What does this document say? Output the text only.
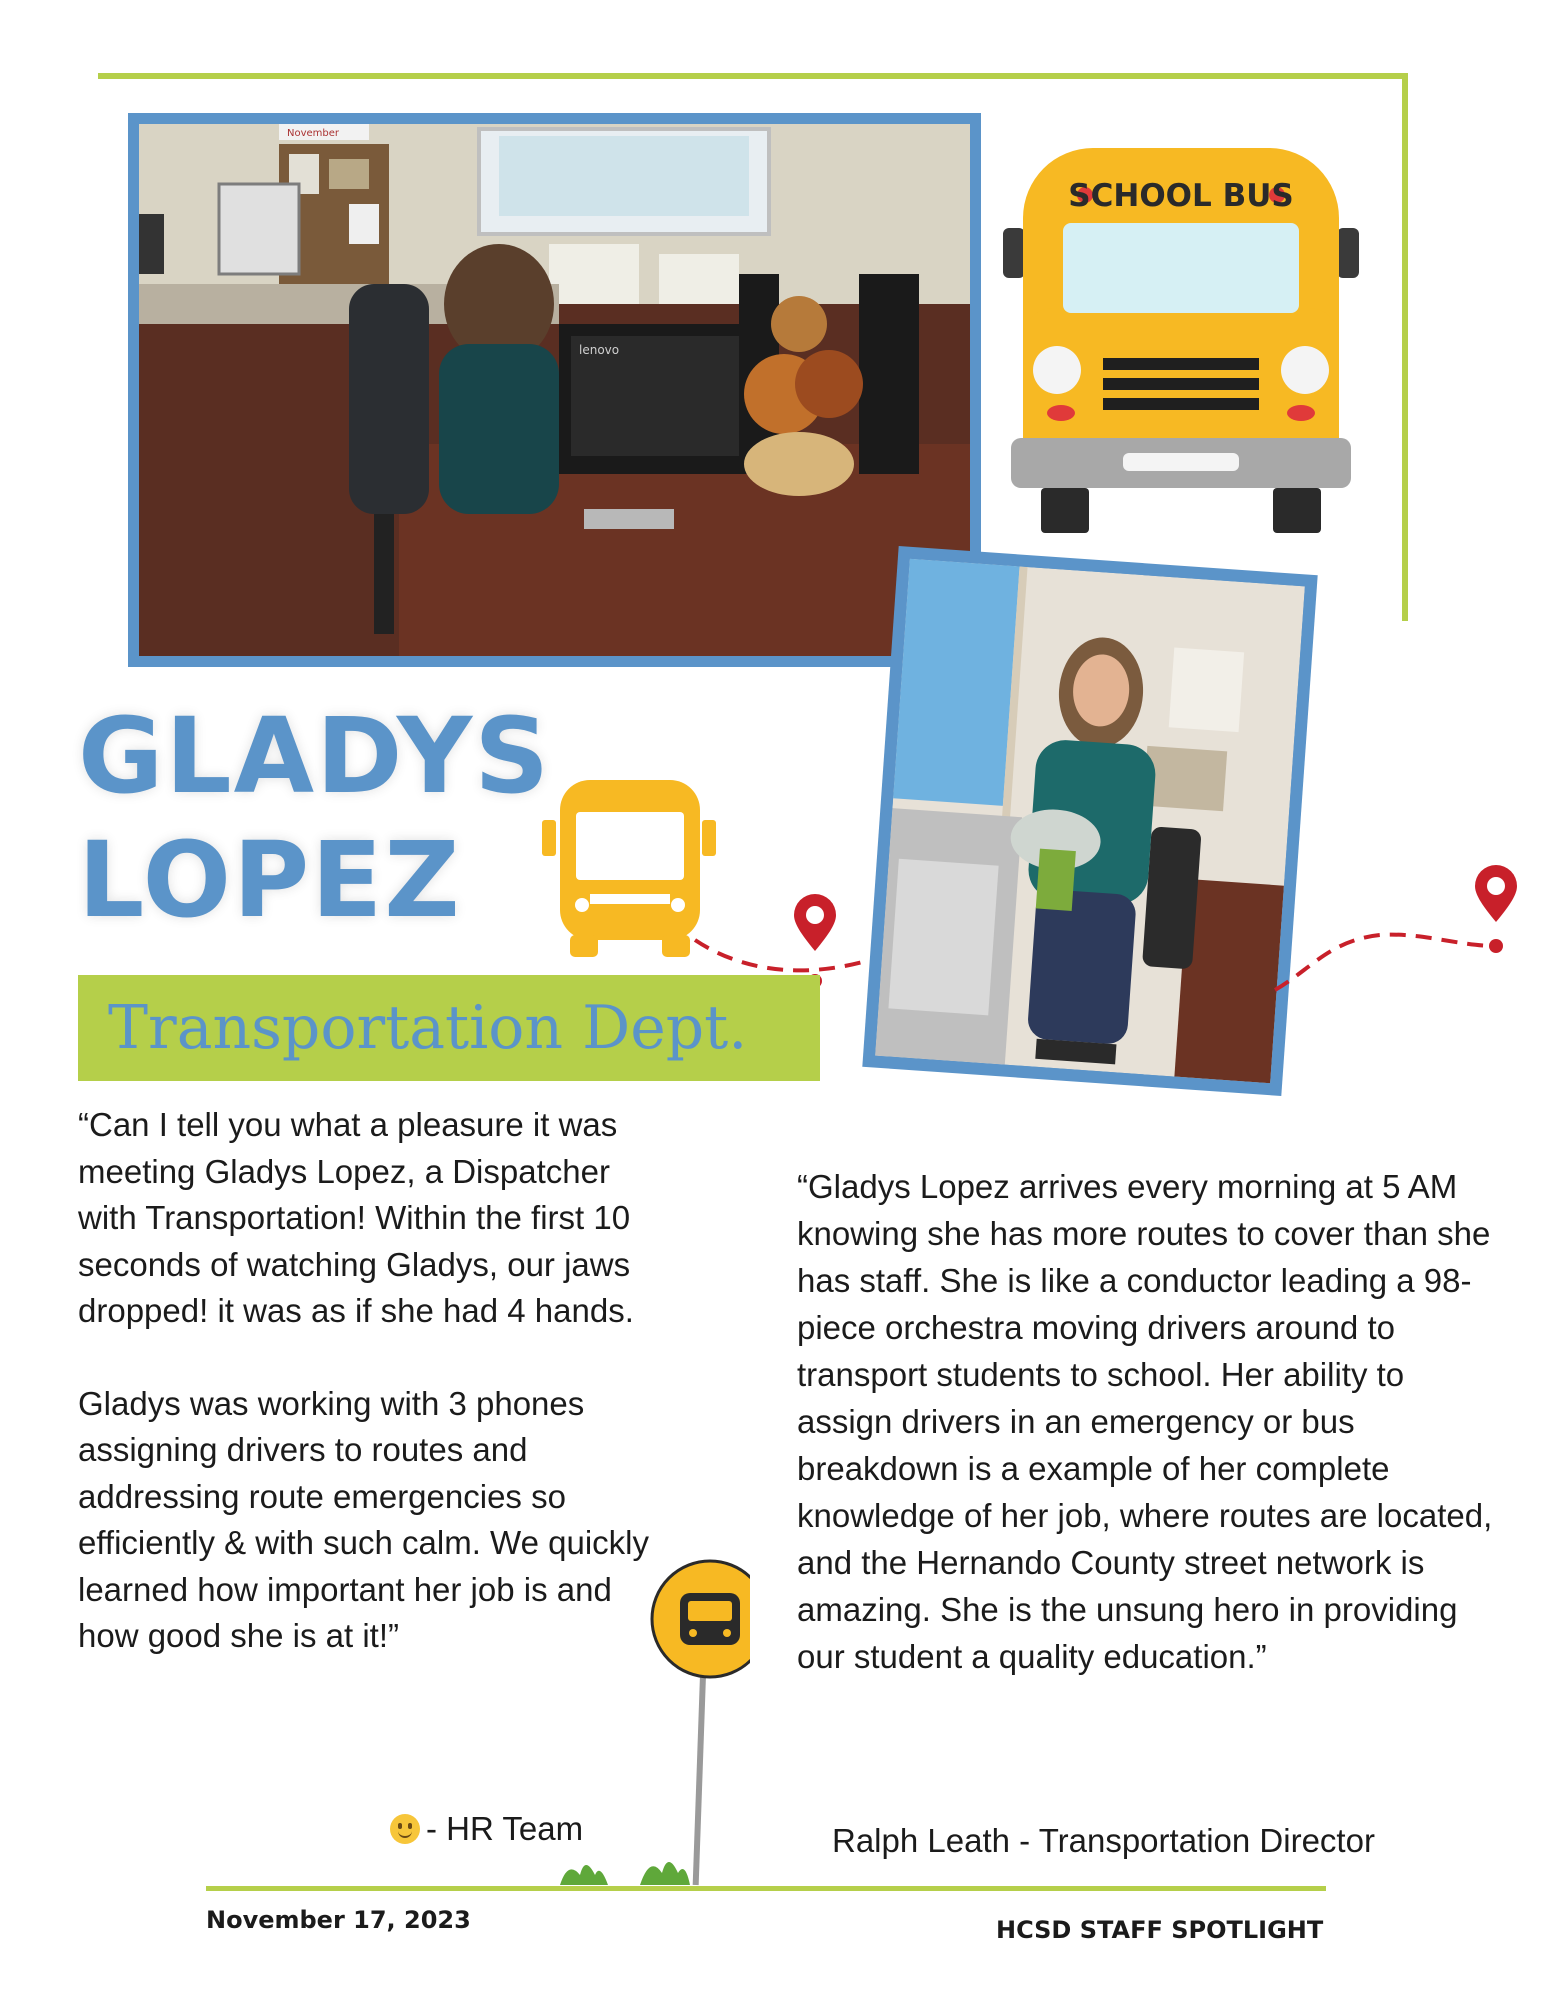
lenovo
November
SCHOOL BUS
GLADYS
LOPEZ
Transportation Dept.

“Can I tell you what a pleasure it was meeting Gladys Lopez, a Dispatcher with Transportation! Within the first 10 seconds of watching Gladys, our jaws dropped! it was as if she had 4 hands.

Gladys was working with 3 phones assigning drivers to routes and addressing route emergencies so efficiently & with such calm. We quickly learned how important her job is and how good she is at it!”

- HR Team
“Gladys Lopez arrives every morning at 5 AM knowing she has more routes to cover than she has staff. She is like a conductor leading a 98-piece orchestra moving drivers around to transport students to school. Her ability to assign drivers in an emergency or bus breakdown is a example of her complete knowledge of her job, where routes are located, and the Hernando County street network is amazing. She is the unsung hero in providing our student a quality education.”
Ralph Leath - Transportation Director
November 17, 2023	HCSD STAFF SPOTLIGHT
